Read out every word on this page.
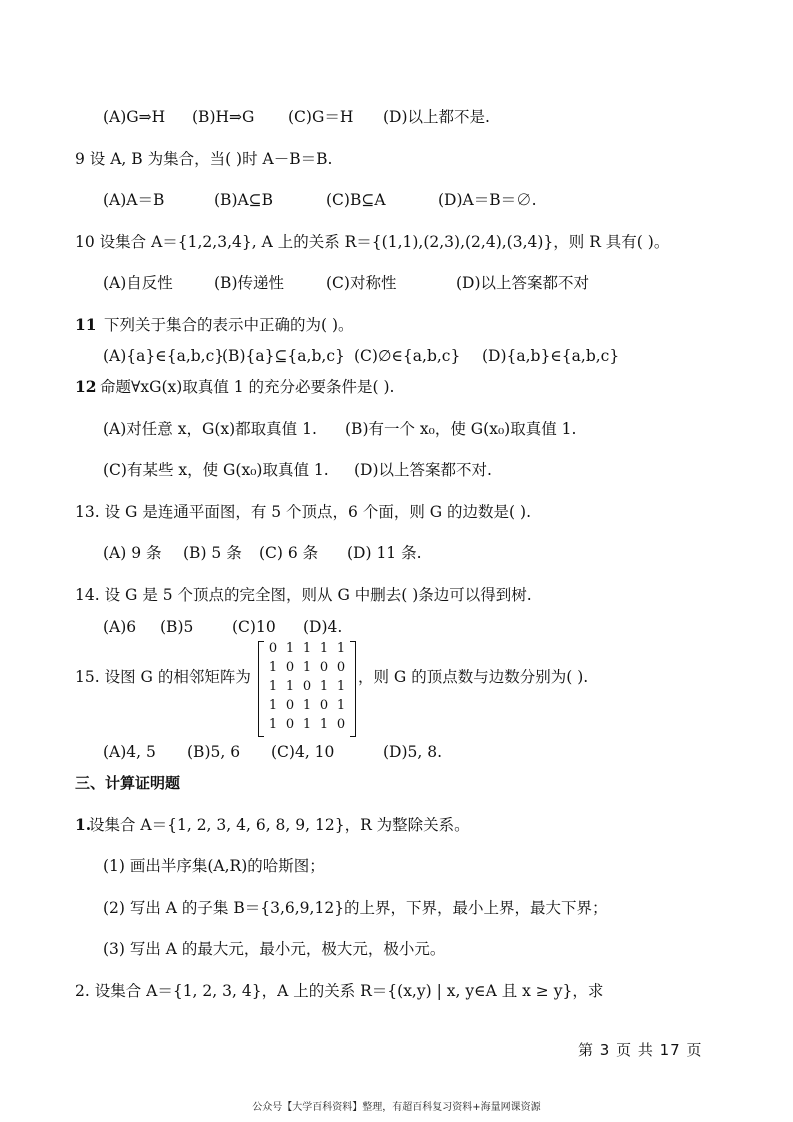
(A)G⇒H (B)H⇒G (C)G＝H (D)以上都不是.
9 设 A, B 为集合，当( )时 A－B＝B.
(A)A＝B	(B)A⊆B	(C)B⊆A	(D)A＝B＝∅.
10 设集合 A＝{1,2,3,4}, A 上的关系 R＝{(1,1),(2,3),(2,4),(3,4)}，则 R 具有( )。
(A)自反性	(B)传递性	(C)对称性	(D)以上答案都不对
11 下列关于集合的表示中正确的为( )。
(A){a}∈{a,b,c}
(B){a}⊆{a,b,c} (C)∅∈{a,b,c} (D){a,b}∈{a,b,c}
12 命题∀xG(x)取真值 1 的充分必要条件是( ).
(A)对任意 x，G(x)都取真值 1. (B)有一个 x₀，使 G(x₀)取真值 1.
(C)有某些 x，使 G(x₀)取真值 1. (D)以上答案都不对.
13. 设 G 是连通平面图，有 5 个顶点，6 个面，则 G 的边数是( ).
(A) 9 条 (B) 5 条 (C) 6 条 (D) 11 条.
14. 设 G 是 5 个顶点的完全图，则从 G 中删去( )条边可以得到树.
(A)6 (B)5 (C)10 (D)4.
15. 设图 G 的相邻矩阵为
0 1 1 1 1
1 0 1 0 0
1 1 0 1 1
1 0 1 0 1
1 0 1 1 0
，则 G 的顶点数与边数分别为( ).
(A)4, 5 (B)5, 6 (C)4, 10	(D)5, 8.
三、计算证明题
1.
设集合 A＝{1, 2, 3, 4, 6, 8, 9, 12}，R 为整除关系。
(1) 画出半序集(A,R)的哈斯图；
(2) 写出 A 的子集 B＝{3,6,9,12}的上界，下界，最小上界，最大下界；
(3) 写出 A 的最大元，最小元，极大元，极小元。
2. 设集合 A＝{1, 2, 3, 4}，A 上的关系 R＝{(x,y) | x, y∈A 且 x ≥ y}，求
第 3 页 共 17 页
公众号【大学百科资料】整理，有超百科复习资料+海量网课资源
